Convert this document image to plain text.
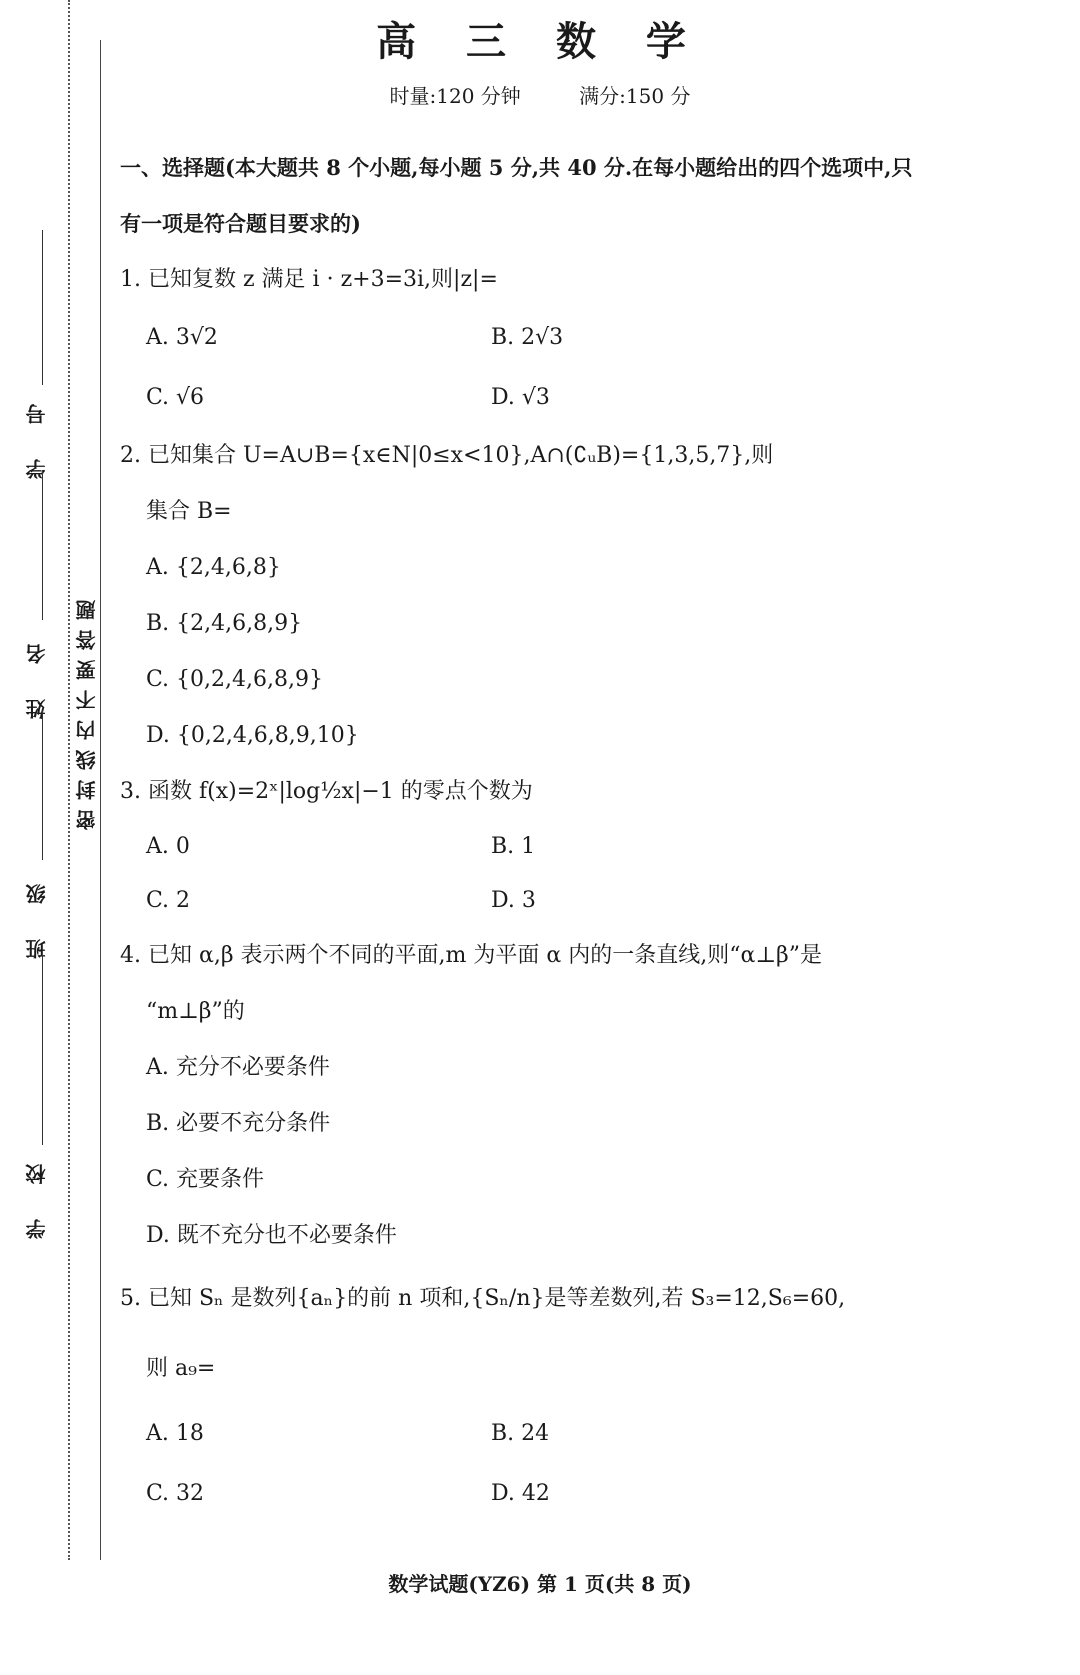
学 号
姓 名
班 级
学 校
密封线内不要答题
高 三 数 学
时量:120 分钟	满分:150 分
一、选择题(本大题共 8 个小题,每小题 5 分,共 40 分.在每小题给出的四个选项中,只有一项是符合题目要求的)
1. 已知复数 z 满足 i · z+3=3i,则|z|=
A. 3√2	B. 2√3
C. √6	D. √3
2. 已知集合 U=A∪B={x∈N|0≤x<10},A∩(∁ᵤB)={1,3,5,7},则
集合 B=
A. {2,4,6,8}
B. {2,4,6,8,9}
C. {0,2,4,6,8,9}
D. {0,2,4,6,8,9,10}
3. 函数 f(x)=2ˣ|log½x|−1 的零点个数为
A. 0	B. 1
C. 2	D. 3
4. 已知 α,β 表示两个不同的平面,m 为平面 α 内的一条直线,则“α⊥β”是
“m⊥β”的
A. 充分不必要条件
B. 必要不充分条件
C. 充要条件
D. 既不充分也不必要条件
5. 已知 Sₙ 是数列{aₙ}的前 n 项和,{Sₙ/n}是等差数列,若 S₃=12,S₆=60,
则 a₉=
A. 18	B. 24
C. 32	D. 42
数学试题(YZ6) 第 1 页(共 8 页)
